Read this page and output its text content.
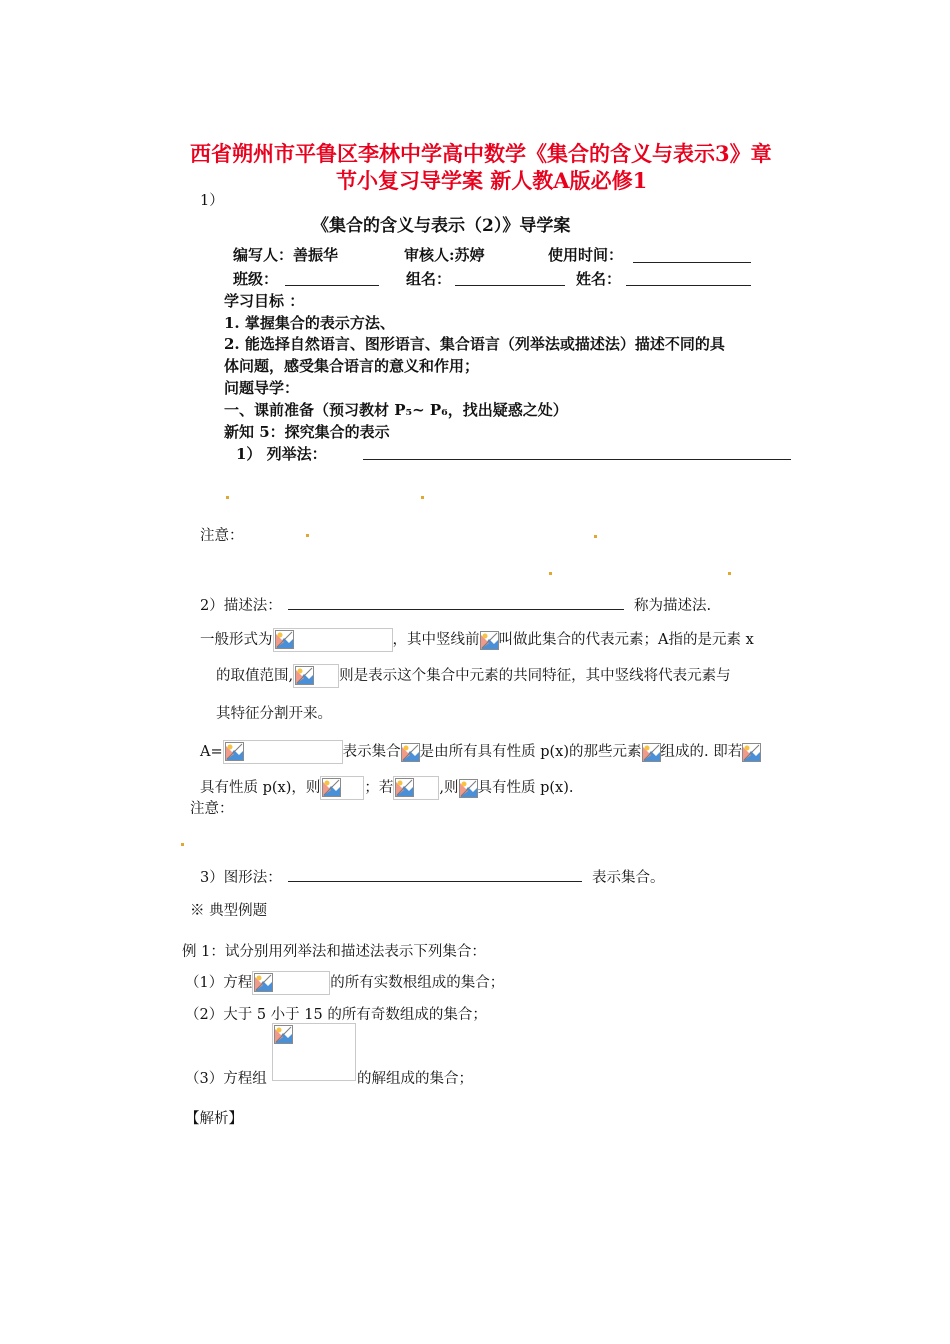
西省朔州市平鲁区李林中学高中数学《集合的含义与表示3》章
节小复习导学案 新人教A版必修1
1）
《集合的含义与表示（2）》导学案
编写人：善振华	审核人:苏婷	使用时间：
班级：	组名：	姓名：
学习目标 ：
1. 掌握集合的表示方法、
2. 能选择自然语言、图形语言、集合语言（列举法或描述法）描述不同的具
体问题，感受集合语言的意义和作用；
问题导学：
一、课前准备（预习教材 P₅~ P₆，找出疑惑之处）
新知 5：探究集合的表示
1） 列举法：
注意：
2）描述法：	称为描述法.
一般形式为	，其中竖线前 叫做此集合的代表元素；A指的是元素 x
的取值范围,	则是表示这个集合中元素的共同特征，其中竖线将代表元素与
其特征分割开来。
A=	表示集合 是由所有具有性质 p(x)的那些元素 组成的. 即若
具有性质 p(x)，则	；若	,则 具有性质 p(x).
注意：
3）图形法：	表示集合。
※ 典型例题
例 1：试分别用列举法和描述法表示下列集合：
（1）方程	的所有实数根组成的集合；
（2）大于 5 小于 15 的所有奇数组成的集合；
（3）方程组	的解组成的集合；
【解析】
